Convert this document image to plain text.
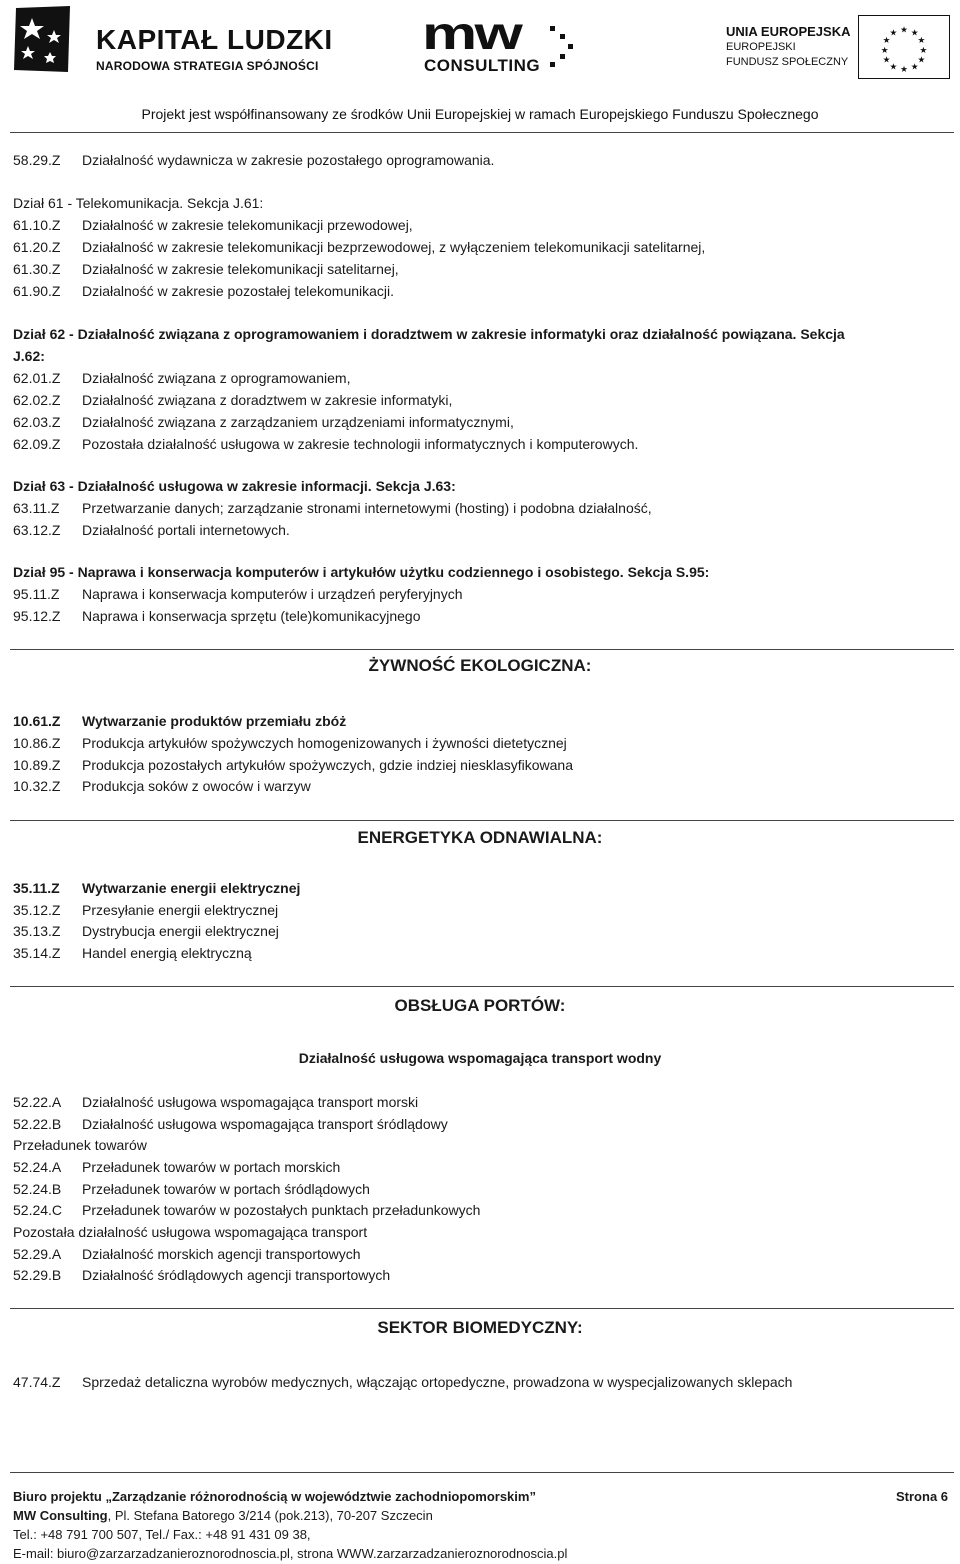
KAPITAŁ LUDZKI
NARODOWA STRATEGIA SPÓJNOŚCI
mw
CONSULTING
UNIA EUROPEJSKA
EUROPEJSKI
FUNDUSZ SPOŁECZNY
★ ★
★
★
★
★
★
★
★
★
★
★
Projekt jest współfinansowany ze środków Unii Europejskiej w ramach Europejskiego Funduszu Społecznego
58.29.Z Działalność wydawnicza w zakresie pozostałego oprogramowania.
Dział 61 - Telekomunikacja. Sekcja J.61:
61.10.Z Działalność w zakresie telekomunikacji przewodowej,
61.20.Z Działalność w zakresie telekomunikacji bezprzewodowej, z wyłączeniem telekomunikacji satelitarnej,
61.30.Z Działalność w zakresie telekomunikacji satelitarnej,
61.90.Z Działalność w zakresie pozostałej telekomunikacji.
Dział 62 - Działalność związana z oprogramowaniem i doradztwem w zakresie informatyki oraz działalność powiązana. Sekcja
J.62:
62.01.Z Działalność związana z oprogramowaniem,
62.02.Z Działalność związana z doradztwem w zakresie informatyki,
62.03.Z Działalność związana z zarządzaniem urządzeniami informatycznymi,
62.09.Z Pozostała działalność usługowa w zakresie technologii informatycznych i komputerowych.
Dział 63 - Działalność usługowa w zakresie informacji. Sekcja J.63:
63.11.Z Przetwarzanie danych; zarządzanie stronami internetowymi (hosting) i podobna działalność,
63.12.Z Działalność portali internetowych.
Dział 95 - Naprawa i konserwacja komputerów i artykułów użytku codziennego i osobistego. Sekcja S.95:
95.11.Z Naprawa i konserwacja komputerów i urządzeń peryferyjnych
95.12.Z Naprawa i konserwacja sprzętu (tele)komunikacyjnego
ŻYWNOŚĆ EKOLOGICZNA:
10.61.Z Wytwarzanie produktów przemiału zbóż
10.86.Z Produkcja artykułów spożywczych homogenizowanych i żywności dietetycznej
10.89.Z Produkcja pozostałych artykułów spożywczych, gdzie indziej niesklasyfikowana
10.32.Z Produkcja soków z owoców i warzyw
ENERGETYKA ODNAWIALNA:
35.11.Z Wytwarzanie energii elektrycznej
35.12.Z Przesyłanie energii elektrycznej
35.13.Z Dystrybucja energii elektrycznej
35.14.Z Handel energią elektryczną
OBSŁUGA PORTÓW:
Działalność usługowa wspomagająca transport wodny
52.22.A Działalność usługowa wspomagająca transport morski
52.22.B Działalność usługowa wspomagająca transport śródlądowy
Przeładunek towarów
52.24.A Przeładunek towarów w portach morskich
52.24.B Przeładunek towarów w portach śródlądowych
52.24.C Przeładunek towarów w pozostałych punktach przeładunkowych
Pozostała działalność usługowa wspomagająca transport
52.29.A Działalność morskich agencji transportowych
52.29.B Działalność śródlądowych agencji transportowych
SEKTOR BIOMEDYCZNY:
47.74.Z Sprzedaż detaliczna wyrobów medycznych, włączając ortopedyczne, prowadzona w wyspecjalizowanych sklepach
Biuro projektu „Zarządzanie różnorodnością w województwie zachodniopomorskim”	Strona 6
MW Consulting, Pl. Stefana Batorego 3/214 (pok.213), 70-207 Szczecin
Tel.: +48 791 700 507, Tel./ Fax.: +48 91 431 09 38,
E-mail: biuro@zarzarzadzanieroznorodnoscia.pl, strona WWW.zarzarzadzanieroznorodnoscia.pl
